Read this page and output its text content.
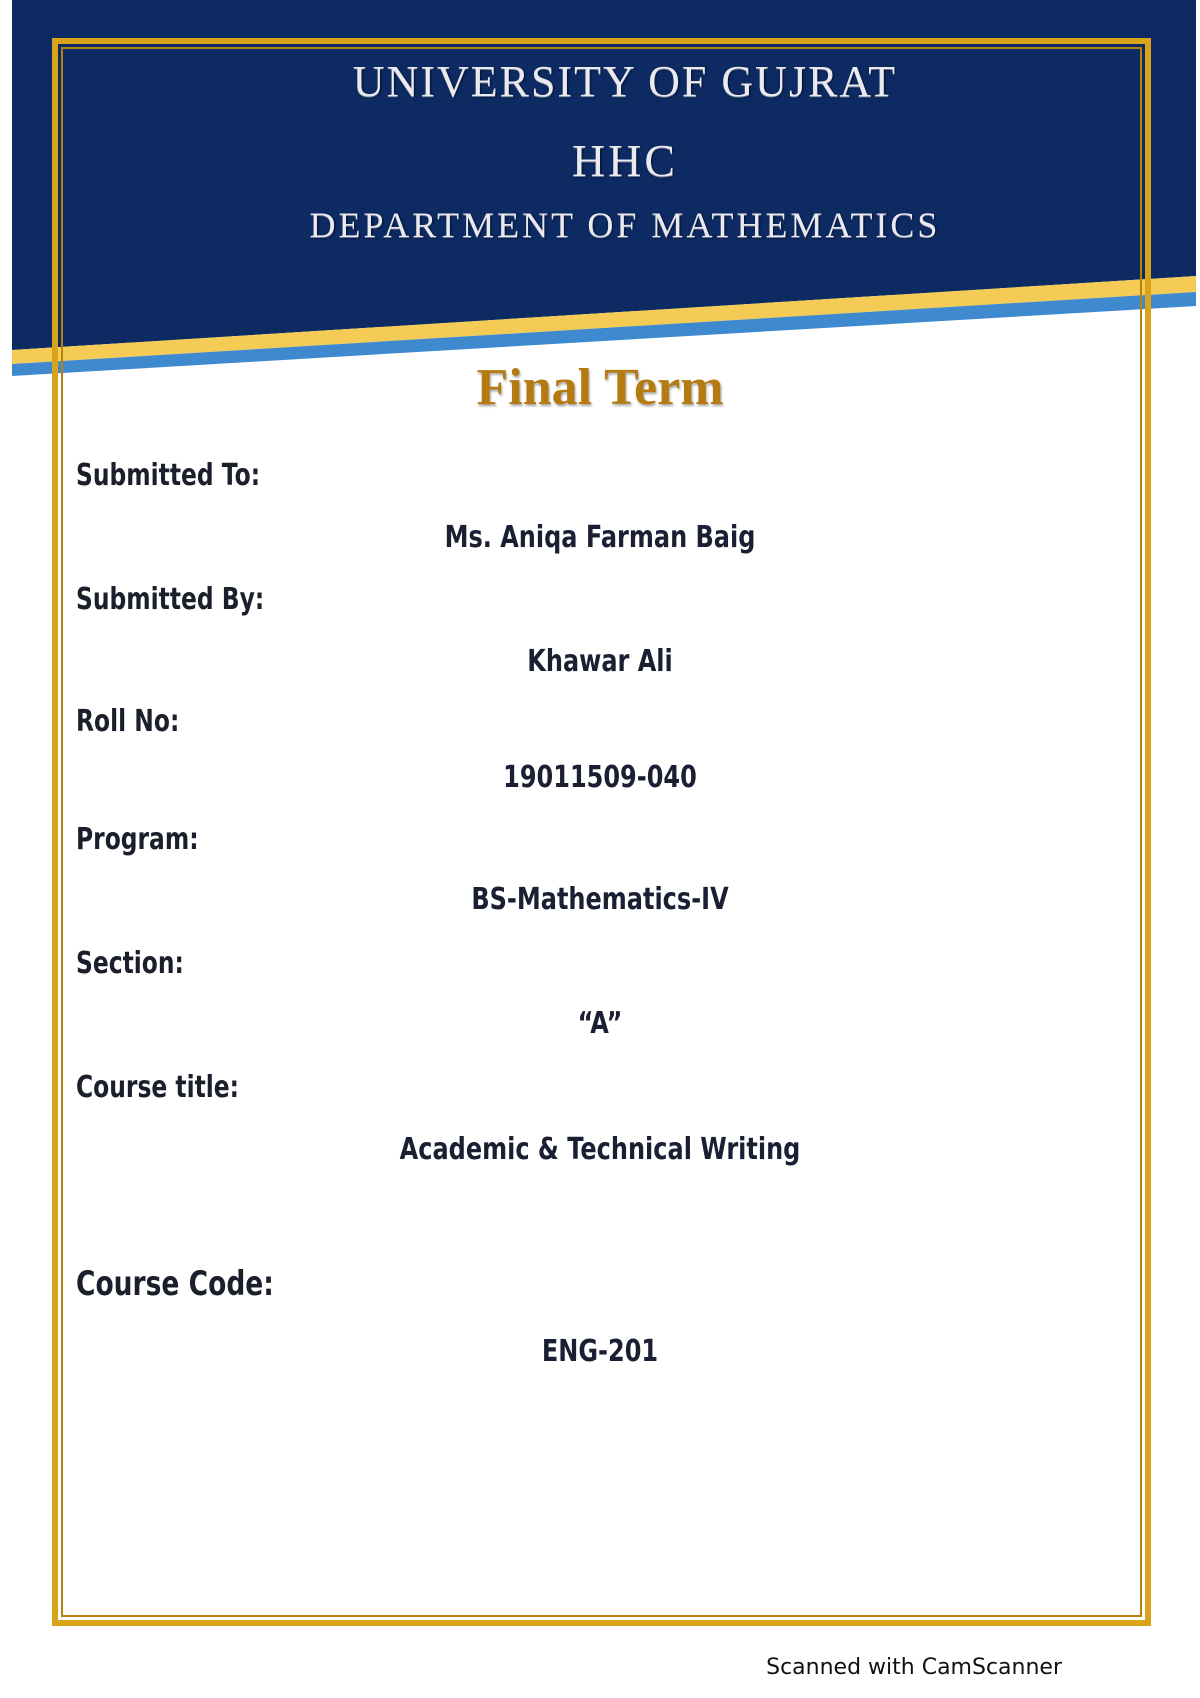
UNIVERSITY OF GUJRAT
HHC
DEPARTMENT OF MATHEMATICS
Final Term
Submitted To:
Ms. Aniqa Farman Baig
Submitted By:
Khawar Ali
Roll No:
19011509-040
Program:
BS-Mathematics-IV
Section:
“A”
Course title:
Academic & Technical Writing
Course Code:
ENG-201
Scanned with CamScanner
